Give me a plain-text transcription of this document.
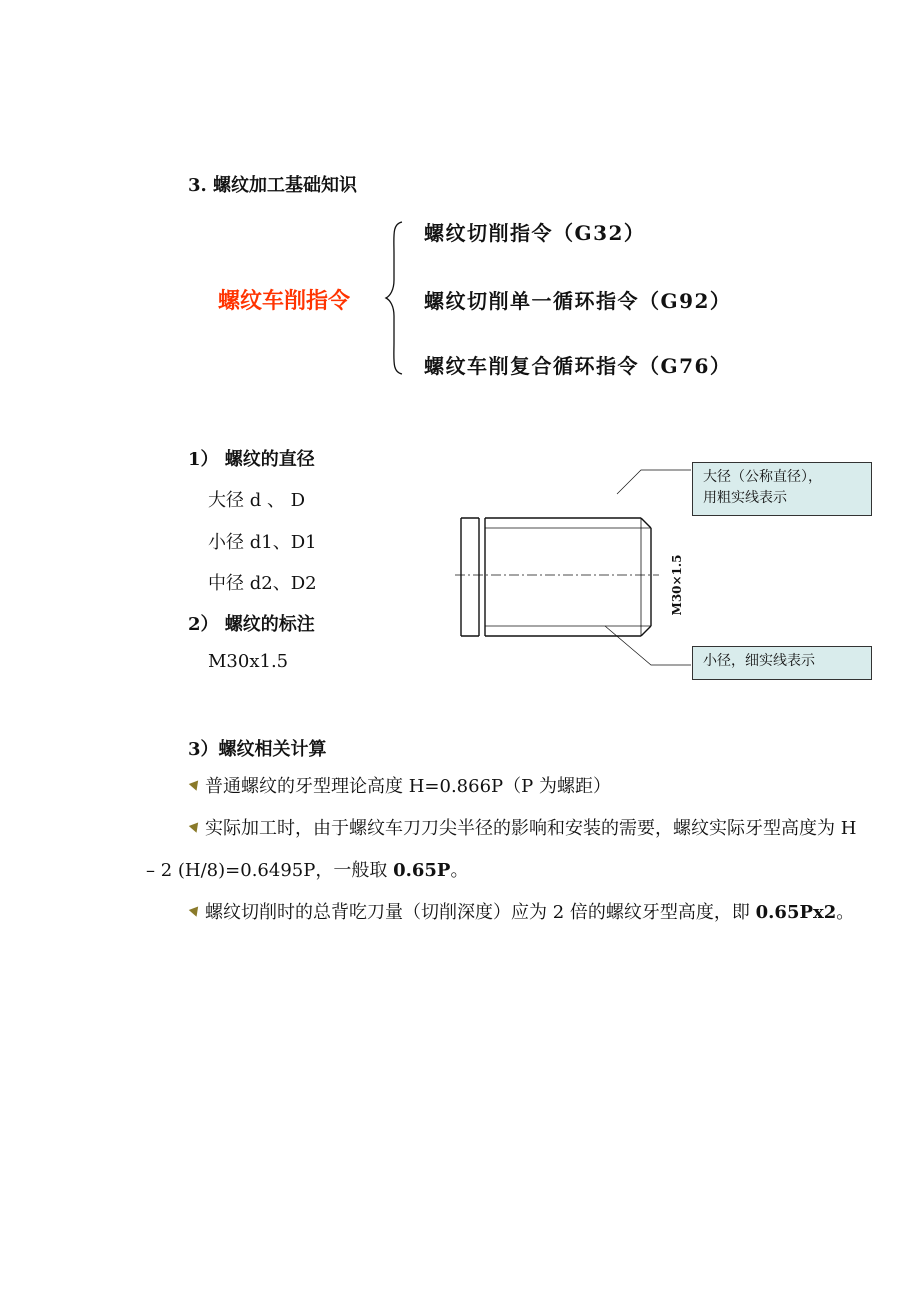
3. 螺纹加工基础知识
螺纹车削指令
螺纹切削指令（G32）
螺纹切削单一循环指令（G92）
螺纹车削复合循环指令（G76）
1） 螺纹的直径
大径 d 、 D
小径 d1、D1
中径 d2、D2
2） 螺纹的标注
M30x1.5
M30×1.5
大径（公称直径），
用粗实线表示
小径，细实线表示
3）螺纹相关计算
普通螺纹的牙型理论高度 H=0.866P（P 为螺距）
实际加工时，由于螺纹车刀刀尖半径的影响和安装的需要，螺纹实际牙型高度为 H – 2 (H/8)=0.6495P，一般取 0.65P。
螺纹切削时的总背吃刀量（切削深度）应为 2 倍的螺纹牙型高度，即 0.65Px2。
